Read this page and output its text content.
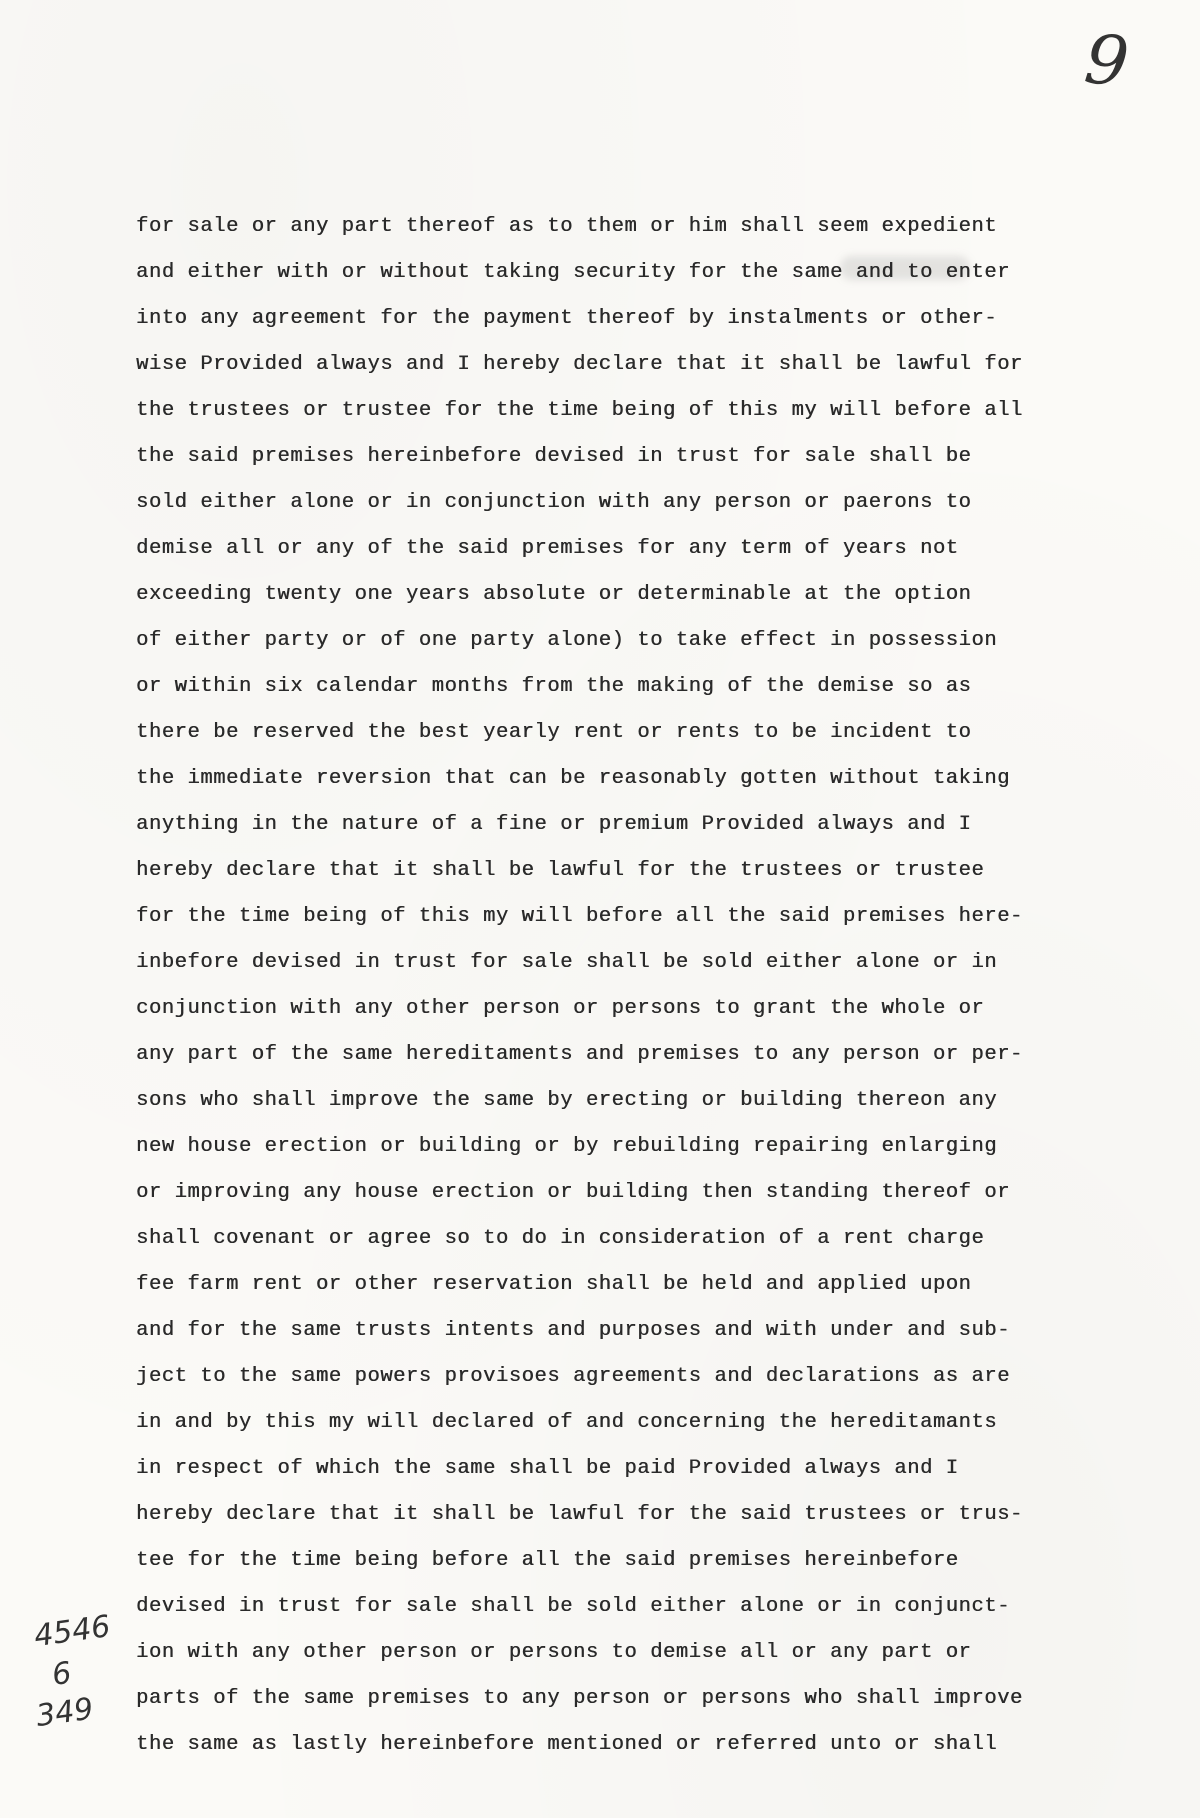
9
for sale or any part thereof as to them or him shall seem expedient
and either with or without taking security for the same and to enter
into any agreement for the payment thereof by instalments or other-
wise Provided always and I hereby declare that it shall be lawful for
the trustees or trustee for the time being of this my will before all
the said premises hereinbefore devised in trust for sale shall be
sold either alone or in conjunction with any person or paerons to
demise all or any of the said premises for any term of years not
exceeding twenty one years absolute or determinable at the option
of either party or of one party alone) to take effect in possession
or within six calendar months from the making of the demise so as
there be reserved the best yearly rent or rents to be incident to
the immediate reversion that can be reasonably gotten without taking
anything in the nature of a fine or premium Provided always and I
hereby declare that it shall be lawful for the trustees or trustee
for the time being of this my will before all the said premises here-
inbefore devised in trust for sale shall be sold either alone or in
conjunction with any other person or persons to grant the whole or
any part of the same hereditaments and premises to any person or per-
sons who shall improve the same by erecting or building thereon any
new house erection or building or by rebuilding repairing enlarging
or improving any house erection or building then standing thereof or
shall covenant or agree so to do in consideration of a rent charge
fee farm rent or other reservation shall be held and applied upon
and for the same trusts intents and purposes and with under and sub-
ject to the same powers provisoes agreements and declarations as are
in and by this my will declared of and concerning the hereditamants
in respect of which the same shall be paid Provided always and I
hereby declare that it shall be lawful for the said trustees or trus-
tee for the time being before all the said premises hereinbefore
devised in trust for sale shall be sold either alone or in conjunct-
ion with any other person or persons to demise all or any part or
parts of the same premises to any person or persons who shall improve
the same as lastly hereinbefore mentioned or referred unto or shall
4546
6
349
